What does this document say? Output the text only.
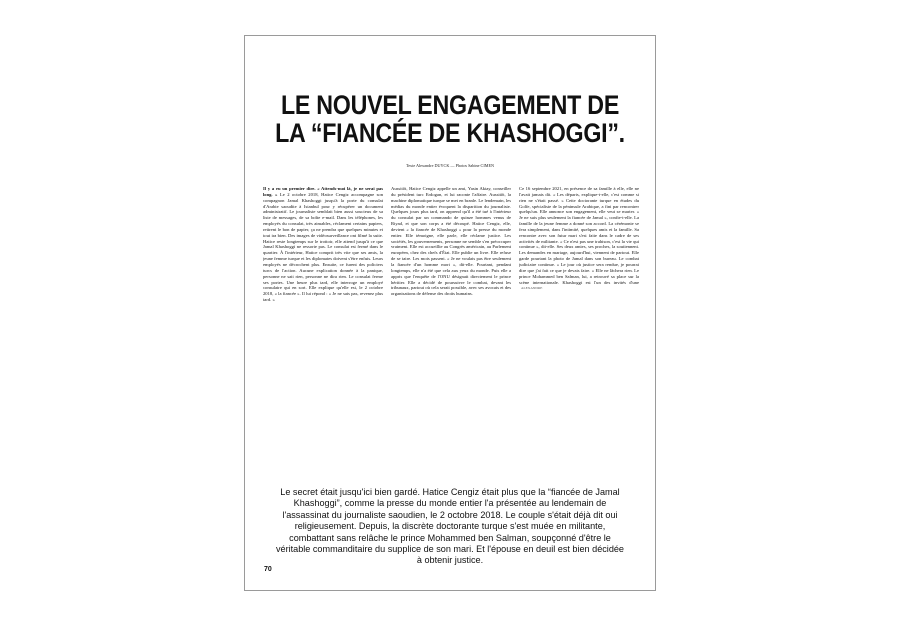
LE NOUVEL ENGAGEMENT DE
LA “FIANCÉE DE KHASHOGGI”.
Texte Alexandre DUYCK — Photos Sabine CIMEN

Il y a eu un premier dire. « Attends-moi là, je ne serai pas long. » Le 2 octobre 2018, Hatice Cengiz accompagne son compagnon Jamal Khashoggi jusqu'à la porte du consulat d'Arabie saoudite à Istanbul pour y récupérer un document administratif. Le journaliste semblait bien aussi soucieux de sa liste de messages, de sa boîte e-mail. Dans les téléphones, les employés du consulat, très aimables, réclament certains papiers, retirent le bon de papier, ça ne prendra que quelques minutes et tout ira bien. Des images de vidéosurveillance ont filmé la suite. Hatice reste longtemps sur le trottoir, elle attend jusqu'à ce que Jamal Khashoggi ne ressorte pas. Le consulat est fermé dans le quartier. À l'intérieur, Hatice comprit très vite que ses amis, la jeune femme turque et les diplomates doivent s'être enfuis. Leurs employés ne décrochent plus. Ensuite, ce furent des policiers turcs de l'action. Aucune explication donnée à la panique, personne ne sait rien, personne ne dira rien. Le consulat ferme ses portes. Une heure plus tard, elle interroge un employé consulaire qui en sort. Elle explique qu'elle est, le 2 octobre 2018, « la fiancée ». Il lui répond : « Je ne sais pas, revenez plus tard. »

Aussitôt, Hatice Cengiz appelle un ami, Yasin Aktay, conseiller du président turc Erdogan, et lui raconte l'affaire. Aussitôt, la machine diplomatique turque se met en branle. Le lendemain, les médias du monde entier évoquent la disparition du journaliste. Quelques jours plus tard, on apprend qu'il a été tué à l'intérieur du consulat par un commando de quinze hommes venus de Riyad, et que son corps a été découpé. Hatice Cengiz, elle, devient « la fiancée de Khashoggi » pour la presse du monde entier. Elle témoigne, elle parle, elle réclame justice. Les sociétés, les gouvernements, personne ne semble s'en préoccuper vraiment. Elle est accueillie au Congrès américain, au Parlement européen, chez des chefs d'État. Elle publie un livre. Elle refuse de se taire. Les mois passent. « Je ne voulais pas être seulement la fiancée d'un homme mort », dit-elle. Pourtant, pendant longtemps, elle n'a été que cela aux yeux du monde. Puis elle a appris que l'enquête de l'ONU désignait directement le prince héritier. Elle a décidé de poursuivre le combat, devant les tribunaux, partout où cela serait possible, avec ses avocats et des organisations de défense des droits humains.

Ce 16 septembre 2021, en présence de sa famille à elle, elle ne l'avait jamais dit. « Les départs, explique-t-elle, c'est comme si rien ne s'était passé. » Cette doctorante turque en études du Golfe, spécialiste de la péninsule Arabique, a fini par rencontrer quelqu'un. Elle annonce son engagement, elle veut se marier. « Je ne suis plus seulement la fiancée de Jamal », confie-t-elle. La famille de la jeune femme a donné son accord. La cérémonie se fera simplement, dans l'intimité, quelques amis et la famille. Sa rencontre avec son futur mari s'est faite dans le cadre de ses activités de militante. « Ce n'est pas une trahison, c'est la vie qui continue », dit-elle. Ses deux amies, ses proches, la soutiennent. Les demandes en mariage, aujourd'hui, viennent de partout. Elle garde pourtant la photo de Jamal dans son bureau. Le combat judiciaire continue. « Le jour où justice sera rendue, je pourrai dire que j'ai fait ce que je devais faire. » Elle ne lâchera rien. Le prince Mohammed ben Salman, lui, a retrouvé sa place sur la scène internationale. Khashoggi est l'un des invités d'une ALEXANDRE

Le secret était jusqu'ici bien gardé. Hatice Cengiz était plus que la “fiancée de Jamal Khashoggi”, comme la presse du monde entier l'a présentée au lendemain de l'assassinat du journaliste saoudien, le 2 octobre 2018. Le couple s'était déjà dit oui religieusement. Depuis, la discrète doctorante turque s'est muée en militante, combattant sans relâche le prince Mohammed ben Salman, soupçonné d'être le véritable commanditaire du supplice de son mari. Et l'épouse en deuil est bien décidée à obtenir justice.
70
